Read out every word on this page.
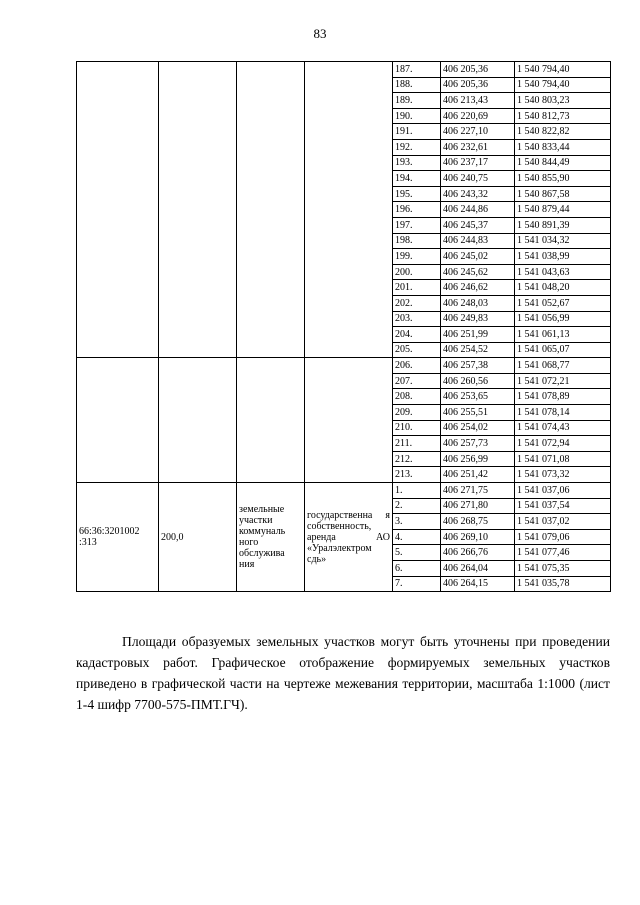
83
				187.	406 205,36	1 540 794,40
				188.	406 205,36	1 540 794,40
				189.	406 213,43	1 540 803,23
				190.	406 220,69	1 540 812,73
				191.	406 227,10	1 540 822,82
				192.	406 232,61	1 540 833,44
				193.	406 237,17	1 540 844,49
				194.	406 240,75	1 540 855,90
				195.	406 243,32	1 540 867,58
				196.	406 244,86	1 540 879,44
				197.	406 245,37	1 540 891,39
				198.	406 244,83	1 541 034,32
				199.	406 245,02	1 541 038,99
				200.	406 245,62	1 541 043,63
				201.	406 246,62	1 541 048,20
				202.	406 248,03	1 541 052,67
				203.	406 249,83	1 541 056,99
				204.	406 251,99	1 541 061,13
				205.	406 254,52	1 541 065,07
				206.	406 257,38	1 541 068,77
				207.	406 260,56	1 541 072,21
				208.	406 253,65	1 541 078,89
				209.	406 255,51	1 541 078,14
				210.	406 254,02	1 541 074,43
				211.	406 257,73	1 541 072,94
				212.	406 256,99	1 541 071,08
				213.	406 251,42	1 541 073,32
66:36:3201002
:313	200,0	земельные участки коммуналь ного обслужива ния	государственна я собственность, аренда АО «Уралэлектром сдь»	1.	406 271,75	1 541 037,06
				2.	406 271,80	1 541 037,54
				3.	406 268,75	1 541 037,02
				4.	406 269,10	1 541 079,06
				5.	406 266,76	1 541 077,46
				6.	406 264,04	1 541 075,35
				7.	406 264,15	1 541 035,78
Площади образуемых земельных участков могут быть уточнены при проведении кадастровых работ. Графическое отображение формируемых земельных участков приведено в графической части на чертеже межевания территории, масштаба 1:1000 (лист 1-4 шифр 7700-575-ПМТ.ГЧ).
